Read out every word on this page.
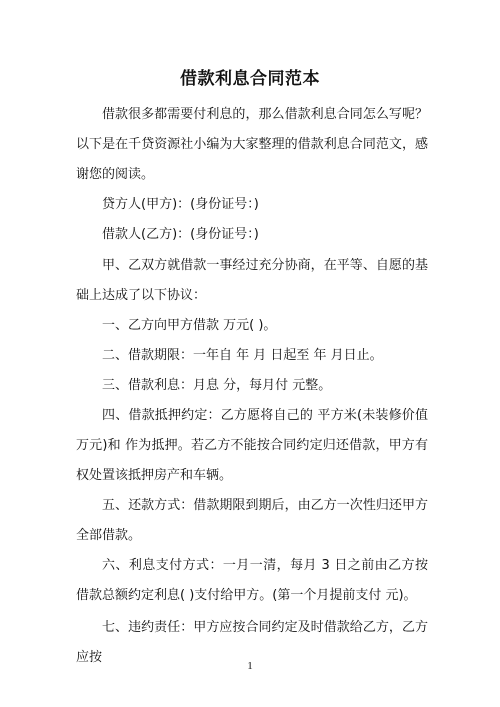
借款利息合同范本

借款很多都需要付利息的，那么借款利息合同怎么写呢？以下是在千贷资源社小编为大家整理的借款利息合同范文，感谢您的阅读。

贷方人(甲方)：(身份证号：)

借款人(乙方)：(身份证号：)

甲、乙双方就借款一事经过充分协商，在平等、自愿的基础上达成了以下协议：

一、乙方向甲方借款 万元( )。

二、借款期限：一年自 年 月 日起至 年 月日止。

三、借款利息：月息 分，每月付 元整。

四、借款抵押约定：乙方愿将自己的 平方米(未装修价值 万元)和 作为抵押。若乙方不能按合同约定归还借款，甲方有权处置该抵押房产和车辆。

五、还款方式：借款期限到期后，由乙方一次性归还甲方全部借款。

六、利息支付方式：一月一清，每月 3 日之前由乙方按借款总额约定利息( )支付给甲方。(第一个月提前支付 元)。

七、违约责任：甲方应按合同约定及时借款给乙方，乙方应按

1
